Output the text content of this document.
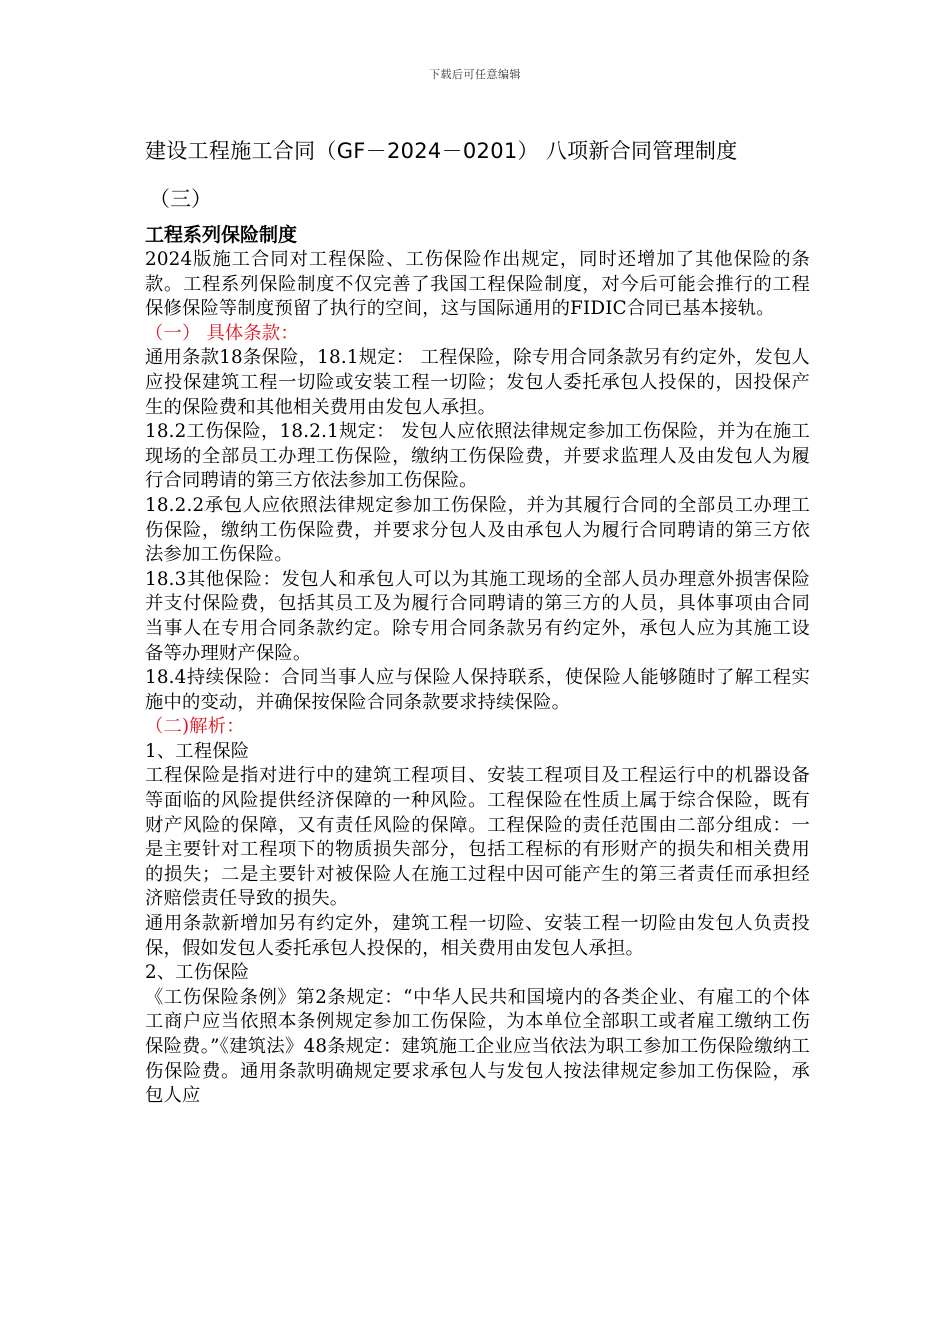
下载后可任意编辑
建设工程施工合同（GF－2024－0201） 八项新合同管理制度
（三）
工程系列保险制度

2024版施工合同对工程保险、工伤保险作出规定，同时还增加了其他保险的条款。工程系列保险制度不仅完善了我国工程保险制度，对今后可能会推行的工程保修保险等制度预留了执行的空间，这与国际通用的FIDIC合同已基本接轨。

（一） 具体条款：

通用条款18条保险，18.1规定： 工程保险，除专用合同条款另有约定外，发包人应投保建筑工程一切险或安装工程一切险；发包人委托承包人投保的，因投保产生的保险费和其他相关费用由发包人承担。

18.2工伤保险，18.2.1规定： 发包人应依照法律规定参加工伤保险，并为在施工现场的全部员工办理工伤保险，缴纳工伤保险费，并要求监理人及由发包人为履行合同聘请的第三方依法参加工伤保险。

18.2.2承包人应依照法律规定参加工伤保险，并为其履行合同的全部员工办理工伤保险，缴纳工伤保险费，并要求分包人及由承包人为履行合同聘请的第三方依法参加工伤保险。

18.3其他保险：发包人和承包人可以为其施工现场的全部人员办理意外损害保险并支付保险费，包括其员工及为履行合同聘请的第三方的人员，具体事项由合同当事人在专用合同条款约定。除专用合同条款另有约定外，承包人应为其施工设备等办理财产保险。

18.4持续保险：合同当事人应与保险人保持联系，使保险人能够随时了解工程实施中的变动，并确保按保险合同条款要求持续保险。

（二)解析：

1、工程保险

工程保险是指对进行中的建筑工程项目、安装工程项目及工程运行中的机器设备等面临的风险提供经济保障的一种风险。工程保险在性质上属于综合保险，既有财产风险的保障，又有责任风险的保障。工程保险的责任范围由二部分组成：一是主要针对工程项下的物质损失部分，包括工程标的有形财产的损失和相关费用的损失；二是主要针对被保险人在施工过程中因可能产生的第三者责任而承担经济赔偿责任导致的损失。

通用条款新增加另有约定外，建筑工程一切险、安装工程一切险由发包人负责投保，假如发包人委托承包人投保的，相关费用由发包人承担。

2、工伤保险

《工伤保险条例》第2条规定：“中华人民共和国境内的各类企业、有雇工的个体工商户应当依照本条例规定参加工伤保险，为本单位全部职工或者雇工缴纳工伤保险费。”《建筑法》48条规定：建筑施工企业应当依法为职工参加工伤保险缴纳工伤保险费。通用条款明确规定要求承包人与发包人按法律规定参加工伤保险，承包人应
